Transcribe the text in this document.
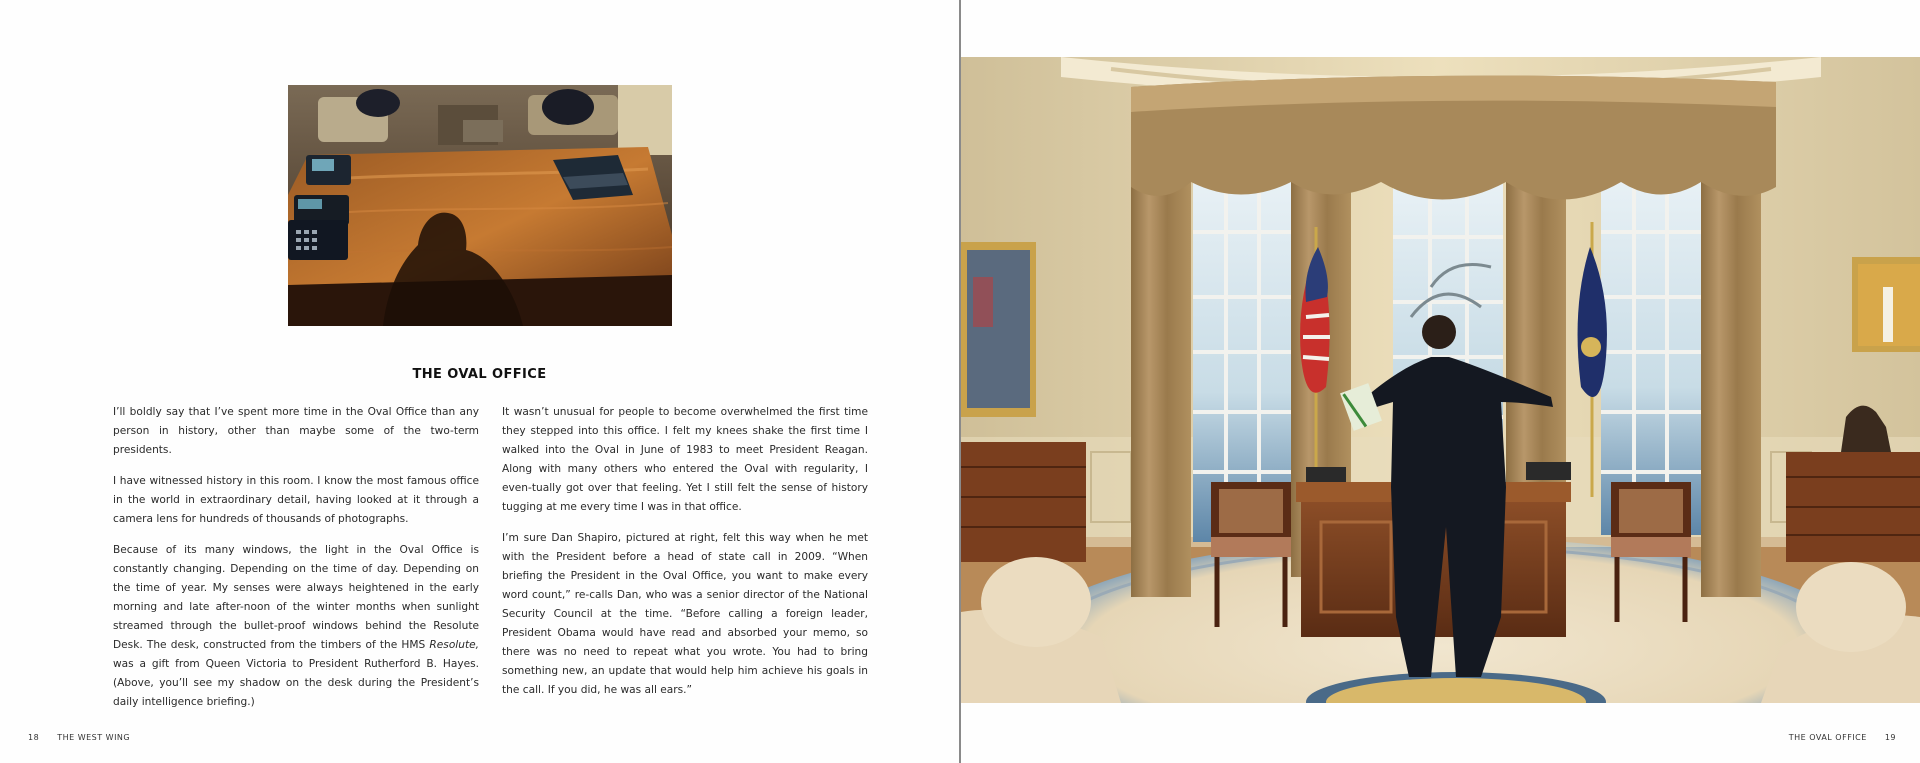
THE OVAL OFFICE

I’ll boldly say that I’ve spent more time in the Oval Office than any person in history, other than maybe some of the two-term presidents.

I have witnessed history in this room. I know the most famous office in the world in extraordinary detail, having looked at it through a camera lens for hundreds of thousands of photographs.

Because of its many windows, the light in the Oval Office is constantly changing. Depending on the time of day. Depending on the time of year. My senses were always heightened in the early morning and late after-noon of the winter months when sunlight streamed through the bullet-proof windows behind the Resolute Desk. The desk, constructed from the timbers of the HMS Resolute, was a gift from Queen Victoria to President Rutherford B. Hayes. (Above, you’ll see my shadow on the desk during the President’s daily intelligence briefing.)

It wasn’t unusual for people to become overwhelmed the first time they stepped into this office. I felt my knees shake the first time I walked into the Oval in June of 1983 to meet President Reagan. Along with many others who entered the Oval with regularity, I even-tually got over that feeling. Yet I still felt the sense of history tugging at me every time I was in that office.

I’m sure Dan Shapiro, pictured at right, felt this way when he met with the President before a head of state call in 2009. “When briefing the President in the Oval Office, you want to make every word count,” re-calls Dan, who was a senior director of the National Security Council at the time. “Before calling a foreign leader, President Obama would have read and absorbed your memo, so there was no need to repeat what you wrote. You had to bring something new, an update that would help him achieve his goals in the call. If you did, he was all ears.”

18 THE WEST WING	THE OVAL OFFICE 19
